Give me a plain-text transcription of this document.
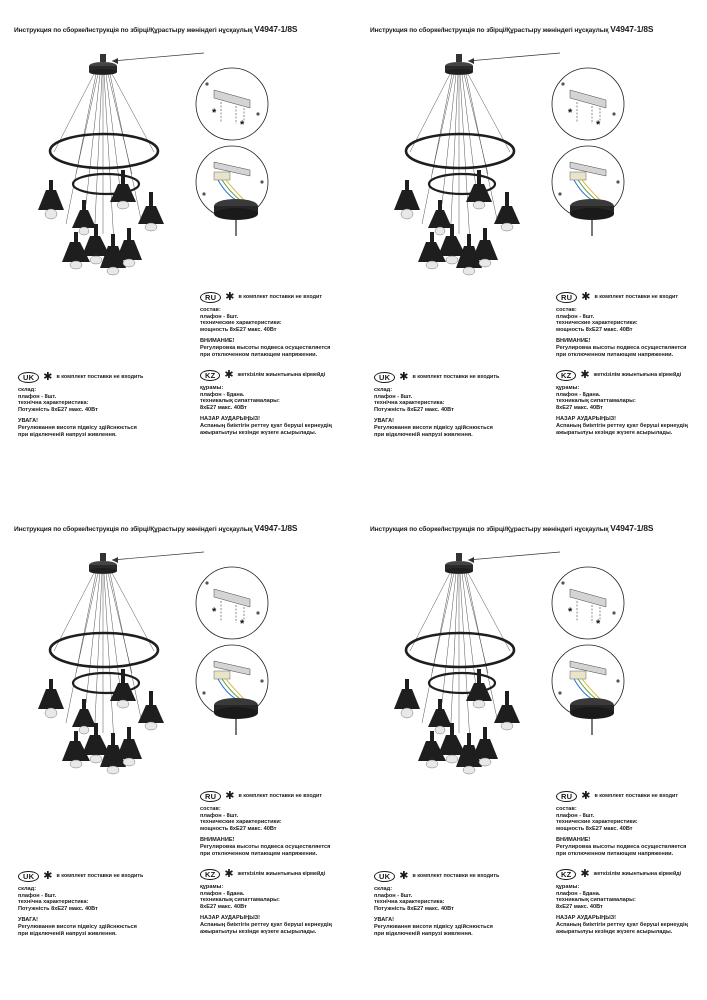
Инструкция по сборке/Інструкція по збірці/Құрастыру жөніндегі нұсқаулық V4947-1/8S
*
*
RU ✱ в комплект поставки не входит
состав:
плафон - 8шт.
технические характеристики:
мощность 8хЕ27 макс. 40Вт
ВНИМАНИЕ!
Регулировка высоты подвеса осуществляется
при отключенном питающем напряжении.
UK ✱ в комплект поставки не входить
склад:
плафон - 8шт.
технічна характеристика:
Потужність 8хЕ27 макс. 40Вт
УВАГА!
Регулювання висоти підвісу здійснюється
при відключеній напрузі живлення.
KZ ✱ жеткізілім жиынтығына кірмейді
құрамы:
плафон - 8дана.
техникалық сипаттамалары:
8хЕ27 макс. 40Вт
НАЗАР АУДАРЫҢЫЗ!
Аспаның биіктігін реттеу қуат беруші кернеудің
ажыратылуы кезінде жүзеге асырылады.
Инструкция по сборке/Інструкція по збірці/Құрастыру жөніндегі нұсқаулық V4947-1/8S
*
*
RU ✱ в комплект поставки не входит
состав:
плафон - 8шт.
технические характеристики:
мощность 8хЕ27 макс. 40Вт
ВНИМАНИЕ!
Регулировка высоты подвеса осуществляется
при отключенном питающем напряжении.
UK ✱ в комплект поставки не входить
склад:
плафон - 8шт.
технічна характеристика:
Потужність 8хЕ27 макс. 40Вт
УВАГА!
Регулювання висоти підвісу здійснюється
при відключеній напрузі живлення.
KZ ✱ жеткізілім жиынтығына кірмейді
құрамы:
плафон - 8дана.
техникалық сипаттамалары:
8хЕ27 макс. 40Вт
НАЗАР АУДАРЫҢЫЗ!
Аспаның биіктігін реттеу қуат беруші кернеудің
ажыратылуы кезінде жүзеге асырылады.
Инструкция по сборке/Інструкція по збірці/Құрастыру жөніндегі нұсқаулық V4947-1/8S
*
*
RU ✱ в комплект поставки не входит
состав:
плафон - 8шт.
технические характеристики:
мощность 8хЕ27 макс. 40Вт
ВНИМАНИЕ!
Регулировка высоты подвеса осуществляется
при отключенном питающем напряжении.
UK ✱ в комплект поставки не входить
склад:
плафон - 8шт.
технічна характеристика:
Потужність 8хЕ27 макс. 40Вт
УВАГА!
Регулювання висоти підвісу здійснюється
при відключеній напрузі живлення.
KZ ✱ жеткізілім жиынтығына кірмейді
құрамы:
плафон - 8дана.
техникалық сипаттамалары:
8хЕ27 макс. 40Вт
НАЗАР АУДАРЫҢЫЗ!
Аспаның биіктігін реттеу қуат беруші кернеудің
ажыратылуы кезінде жүзеге асырылады.
Инструкция по сборке/Інструкція по збірці/Құрастыру жөніндегі нұсқаулық V4947-1/8S
*
*
RU ✱ в комплект поставки не входит
состав:
плафон - 8шт.
технические характеристики:
мощность 8хЕ27 макс. 40Вт
ВНИМАНИЕ!
Регулировка высоты подвеса осуществляется
при отключенном питающем напряжении.
UK ✱ в комплект поставки не входить
склад:
плафон - 8шт.
технічна характеристика:
Потужність 8хЕ27 макс. 40Вт
УВАГА!
Регулювання висоти підвісу здійснюється
при відключеній напрузі живлення.
KZ ✱ жеткізілім жиынтығына кірмейді
құрамы:
плафон - 8дана.
техникалық сипаттамалары:
8хЕ27 макс. 40Вт
НАЗАР АУДАРЫҢЫЗ!
Аспаның биіктігін реттеу қуат беруші кернеудің
ажыратылуы кезінде жүзеге асырылады.
